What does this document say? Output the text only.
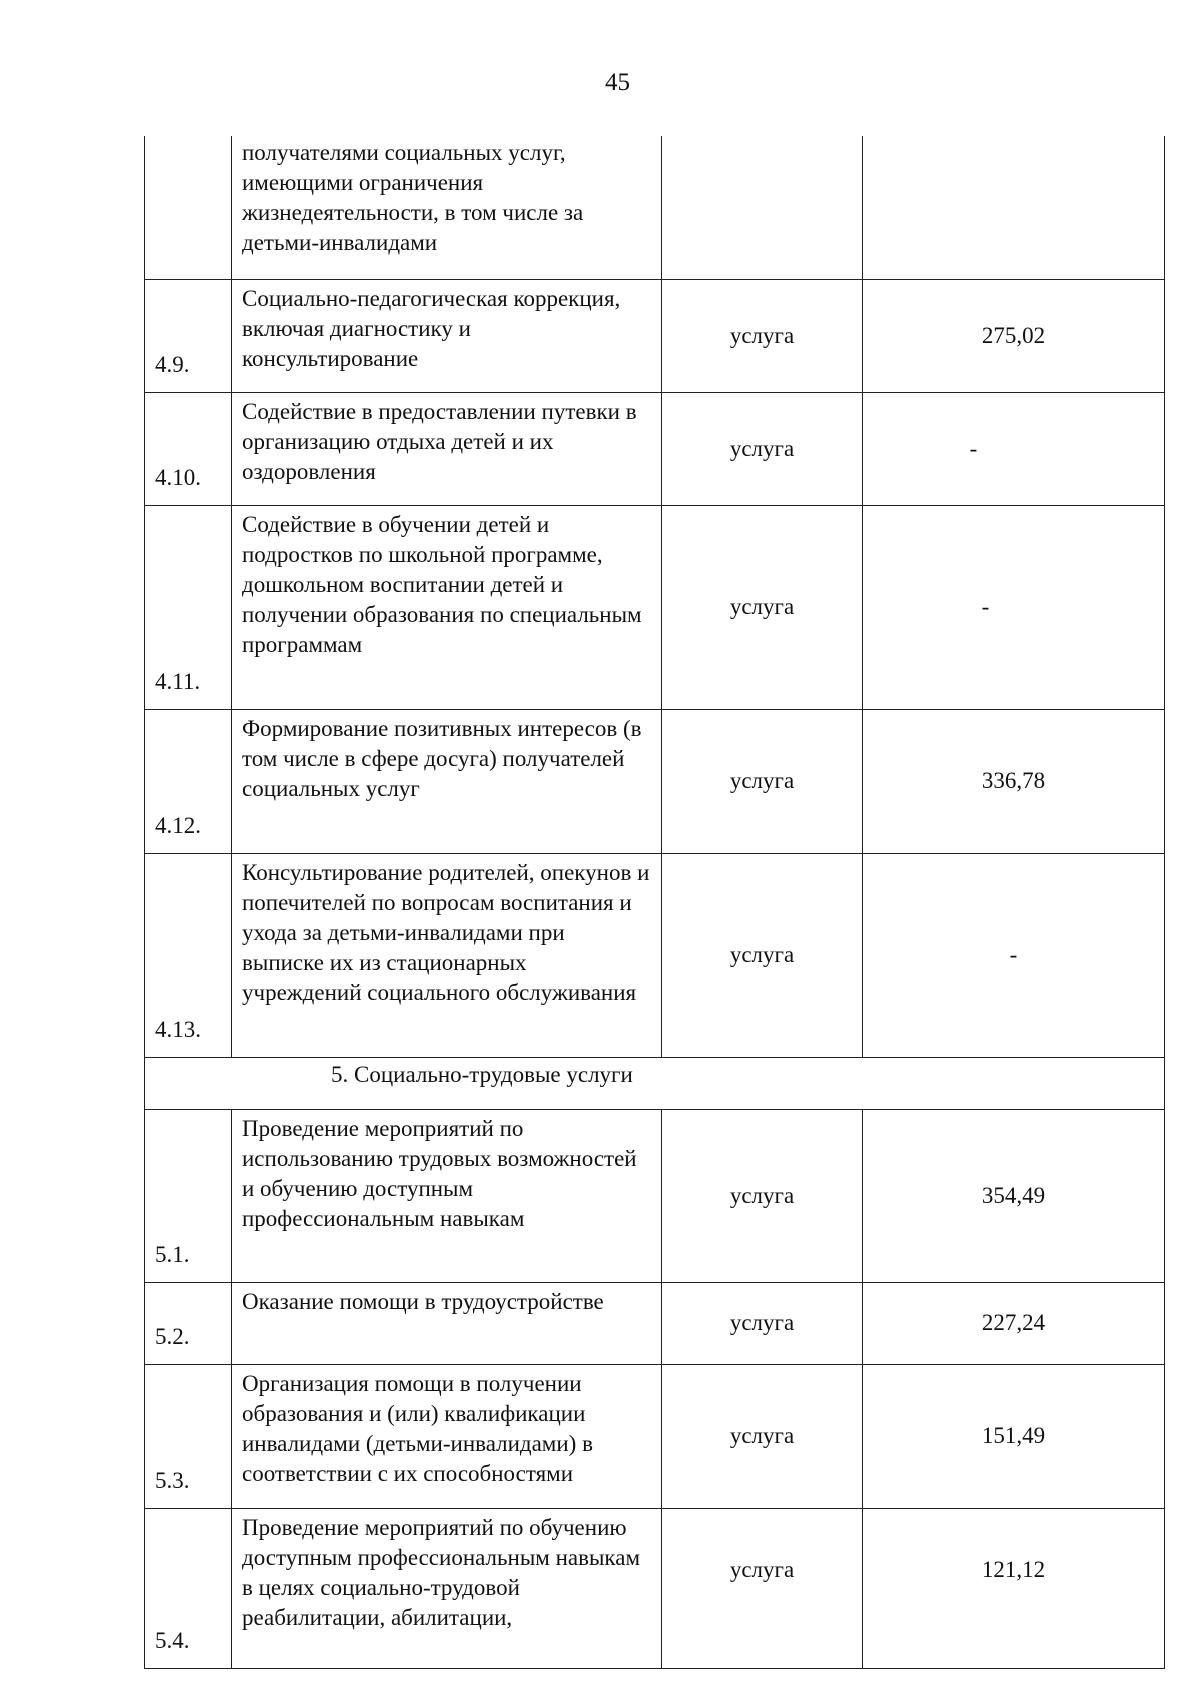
45
	получателями социальных услуг, имеющими ограничения жизнедеятельности, в том числе за детьми-инвалидами		
4.9.	Социально-педагогическая коррекция, включая диагностику и консультирование	услуга	275,02
4.10.	Содействие в предоставлении путевки в организацию отдыха детей и их оздоровления	услуга	-
4.11.	Содействие в обучении детей и подростков по школьной программе, дошкольном воспитании детей и получении образования по специальным программам	услуга	-
4.12.	Формирование позитивных интересов (в том числе в сфере досуга) получателей социальных услуг	услуга	336,78
4.13.	Консультирование родителей, опекунов и попечителей по вопросам воспитания и ухода за детьми-инвалидами при выписке их из стационарных учреждений социального обслуживания	услуга	-
5. Социально-трудовые услуги			
5.1.	Проведение мероприятий по использованию трудовых возможностей и обучению доступным профессиональным навыкам	услуга	354,49
5.2.	Оказание помощи в трудоустройстве	услуга	227,24
5.3.	Организация помощи в получении образования и (или) квалификации инвалидами (детьми-инвалидами) в соответствии с их способностями	услуга	151,49
5.4.	Проведение мероприятий по обучению доступным профессиональным навыкам в целях социально-трудовой реабилитации, абилитации,	услуга	121,12
